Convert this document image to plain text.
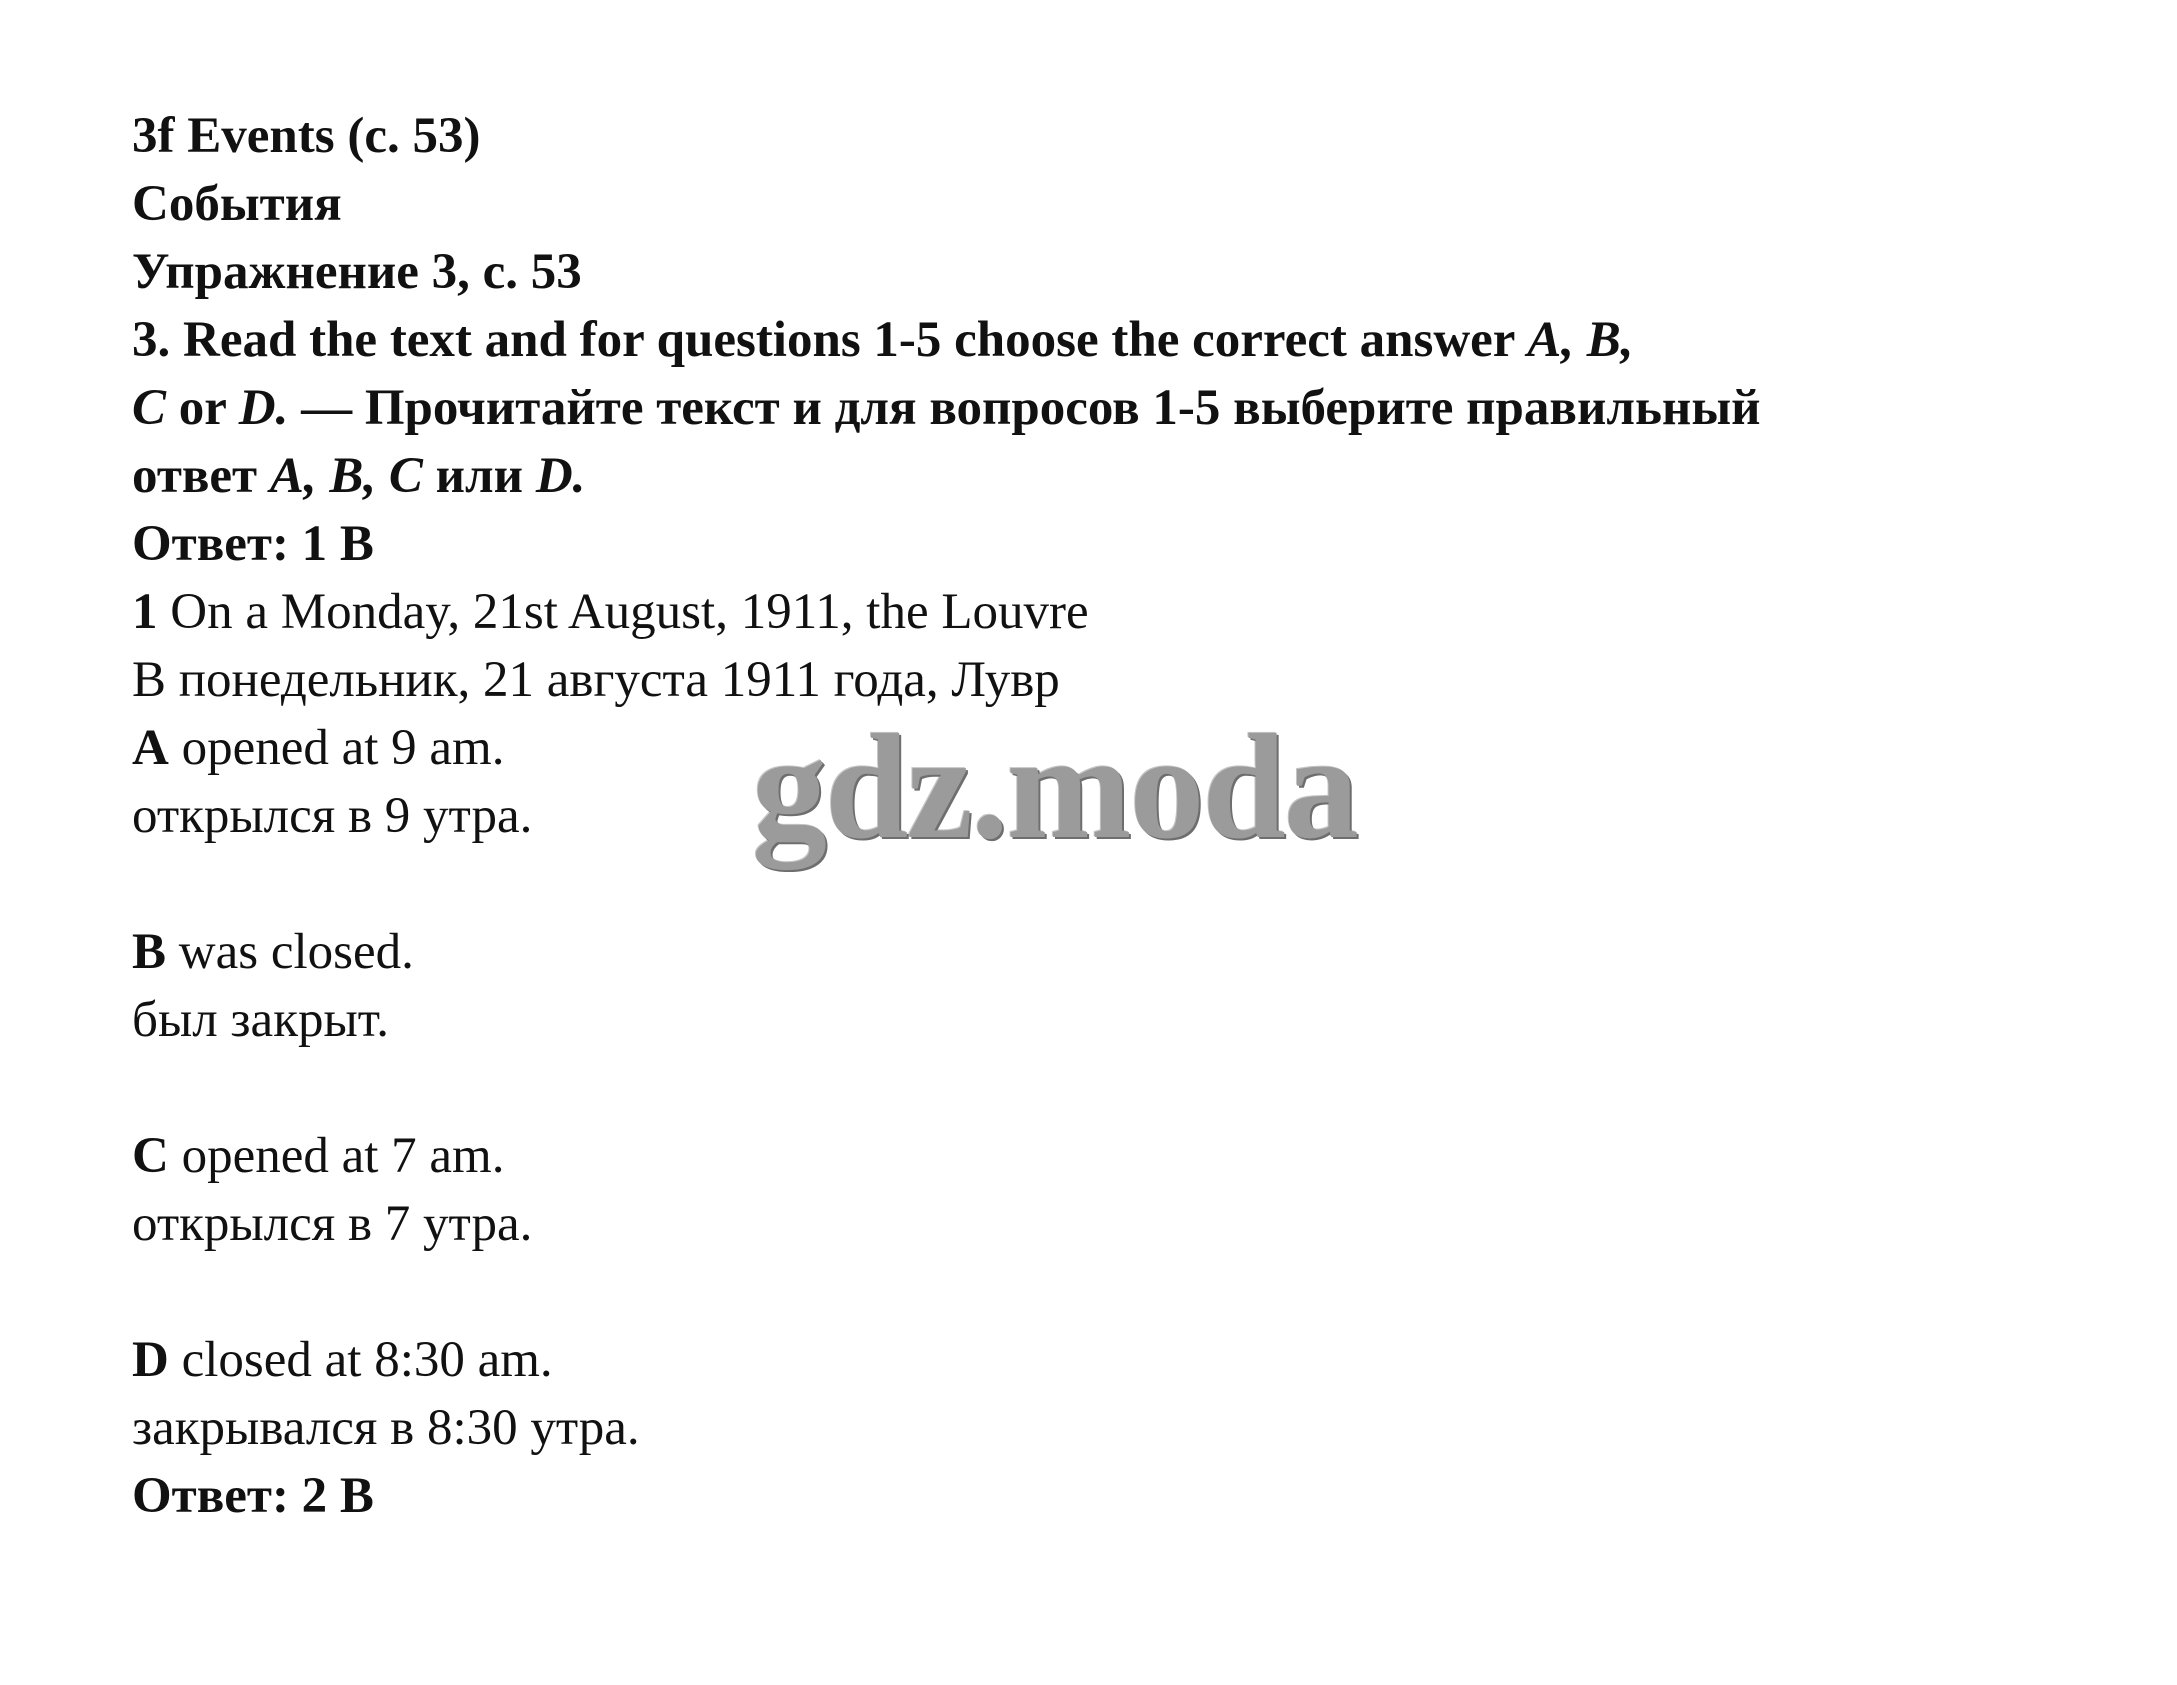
3f Events (с. 53)
События
Упражнение 3, с. 53
3. Read the text and for questions 1-5 choose the correct answer A, B,
C or D. — Прочитайте текст и для вопросов 1-5 выберите правильный
ответ A, B, C или D.
Ответ: 1 B
1 On a Monday, 21st August, 1911, the Louvre
В понедельник, 21 августа 1911 года, Лувр
A opened at 9 am.
открылся в 9 утра.
B was closed.
был закрыт.
C opened at 7 am.
открылся в 7 утра.
D closed at 8:30 am.
закрывался в 8:30 утра.
Ответ: 2 B
gdz.moda
